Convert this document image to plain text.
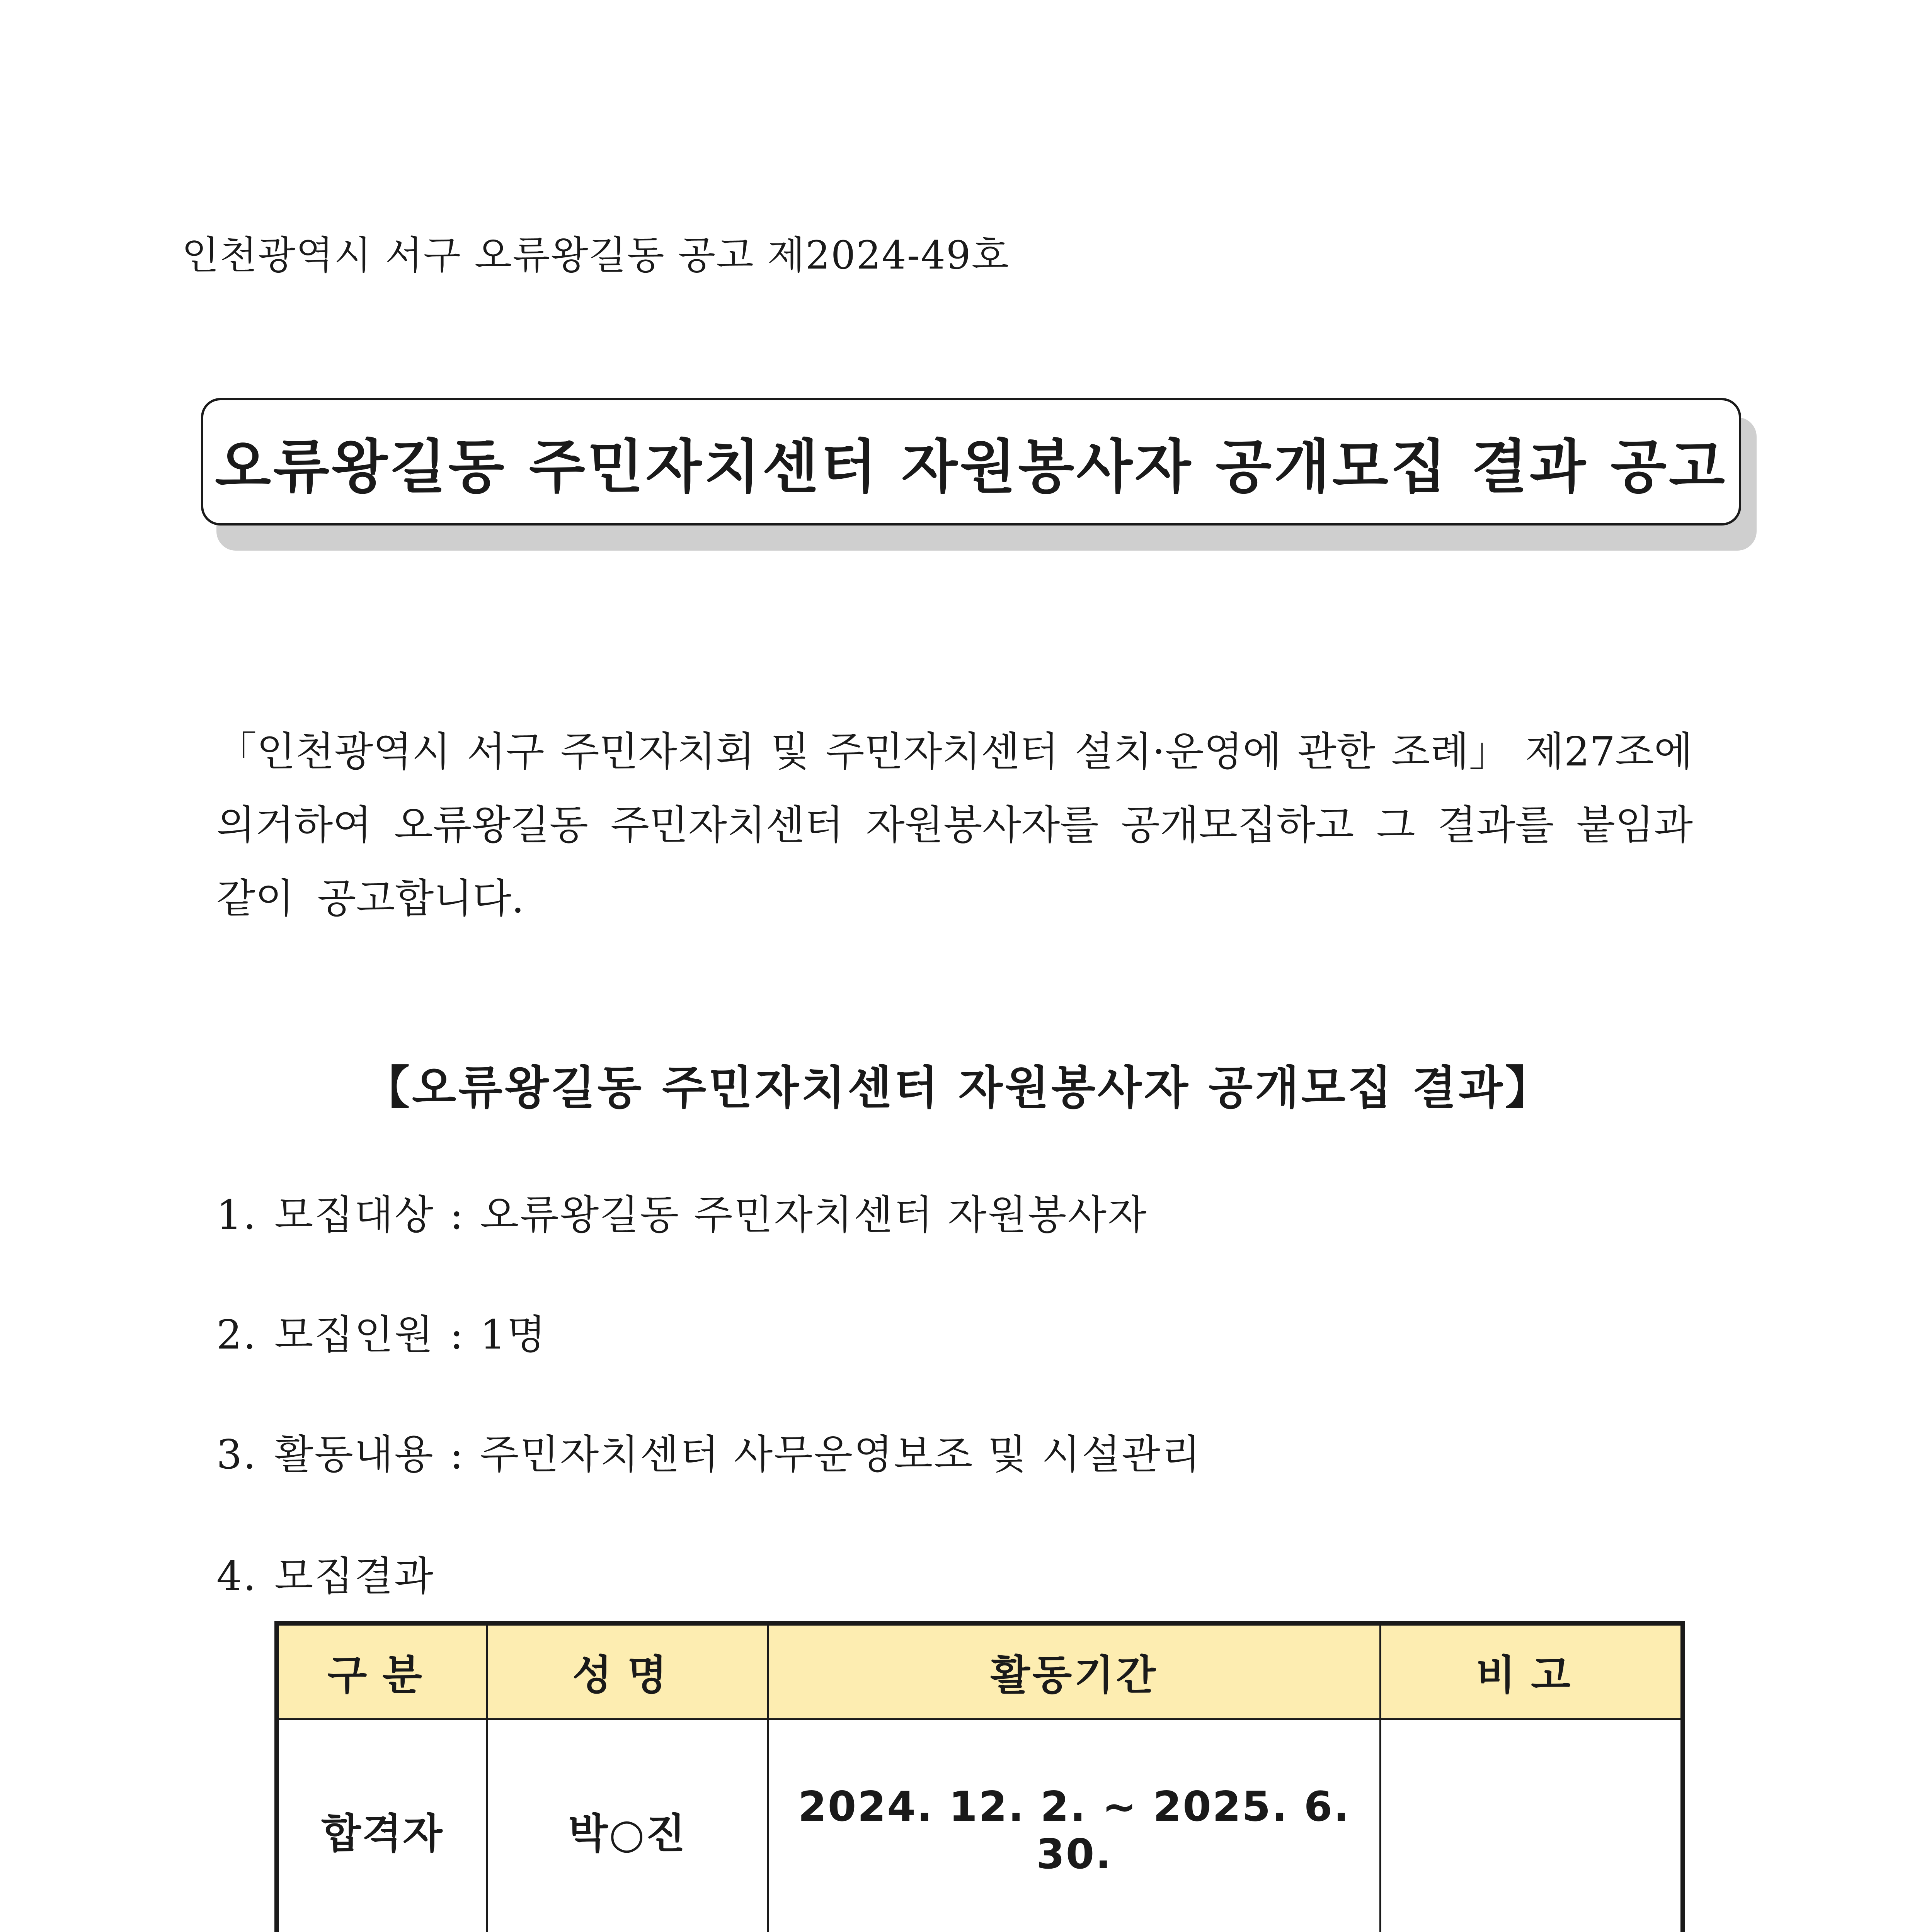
인천광역시 서구 오류왕길동 공고 제2024-49호
오류왕길동 주민자치센터 자원봉사자 공개모집 결과 공고
「인천광역시 서구 주민자치회 및 주민자치센터 설치·운영에 관한 조례」 제27조에
의거하여 오류왕길동 주민자치센터 자원봉사자를 공개모집하고 그 결과를 붙임과
같이 공고합니다.
【오류왕길동 주민자치센터 자원봉사자 공개모집 결과】
1. 모집대상 : 오류왕길동 주민자치센터 자원봉사자
2. 모집인원 : 1명
3. 활동내용 : 주민자치센터 사무운영보조 및 시설관리
4. 모집결과
구분	성명	활동기간	비고
합격자	박○진	2024. 12. 2. ~ 2025. 6. 30.	
